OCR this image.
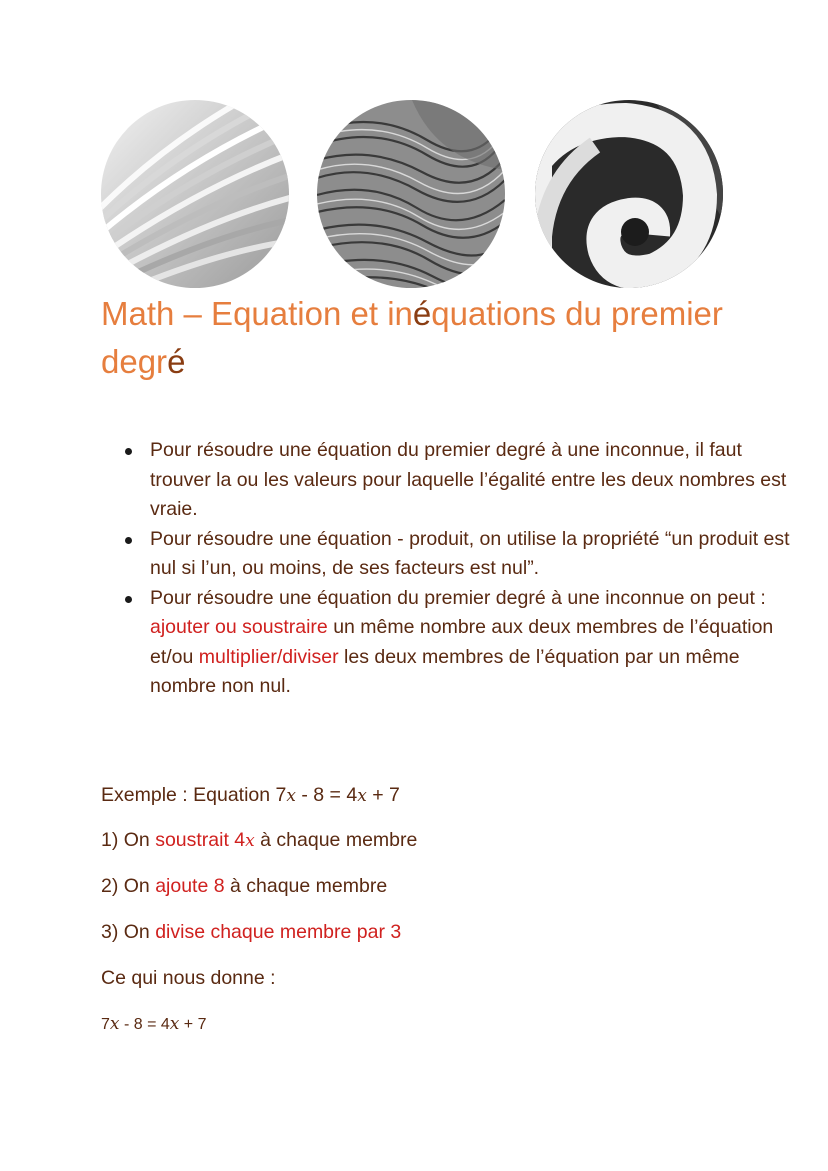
Math – Equation et inéquations du premier degré
Pour résoudre une équation du premier degré à une inconnue, il faut trouver la ou les valeurs pour laquelle l’égalité entre les deux nombres est vraie.
Pour résoudre une équation - produit, on utilise la propriété “un produit est nul si l’un, ou moins, de ses facteurs est nul”.
Pour résoudre une équation du premier degré à une inconnue on peut : ajouter ou soustraire un même nombre aux deux membres de l’équation et/ou multiplier/diviser les deux membres de l’équation par un même nombre non nul.

Exemple : Equation 7x - 8 = 4x + 7

1) On soustrait 4x à chaque membre

2) On ajoute 8 à chaque membre

3) On divise chaque membre par 3

Ce qui nous donne :

7x - 8 = 4x + 7
